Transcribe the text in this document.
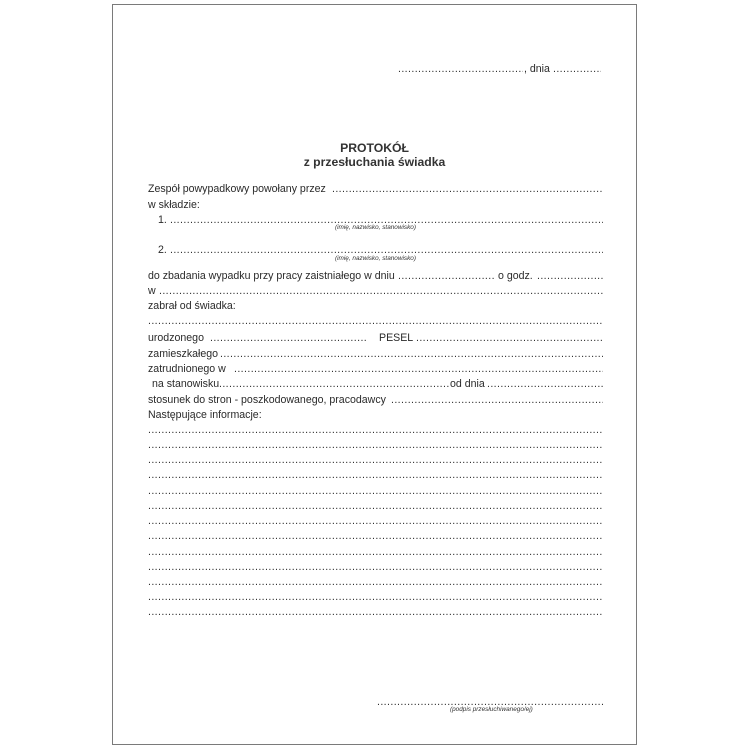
.....
, dnia
.....
PROTOKÓŁ
z przesłuchania świadka
Zespół powypadkowy powołany przez
.....
w składzie:
1.
.....
(imię, nazwisko, stanowisko)
2.
.....
(imię, nazwisko, stanowisko)
do zbadania wypadku przy pracy zaistniałego w dniu .....	o godz.
.....
w
.....
zabrał od świadka:
.....
urodzonego .....	PESEL
.....
zamieszkałego
.....
zatrudnionego w
.....
na stanowisku .....	od dnia
.....
stosunek do stron - poszkodowanego, pracodawcy
.....
Następujące informacje:
.....
.....
.....
.....
.....
.....
.....
.....
.....
.....
.....
.....
.....
.....
(podpis przesłuchiwanego/ej)
